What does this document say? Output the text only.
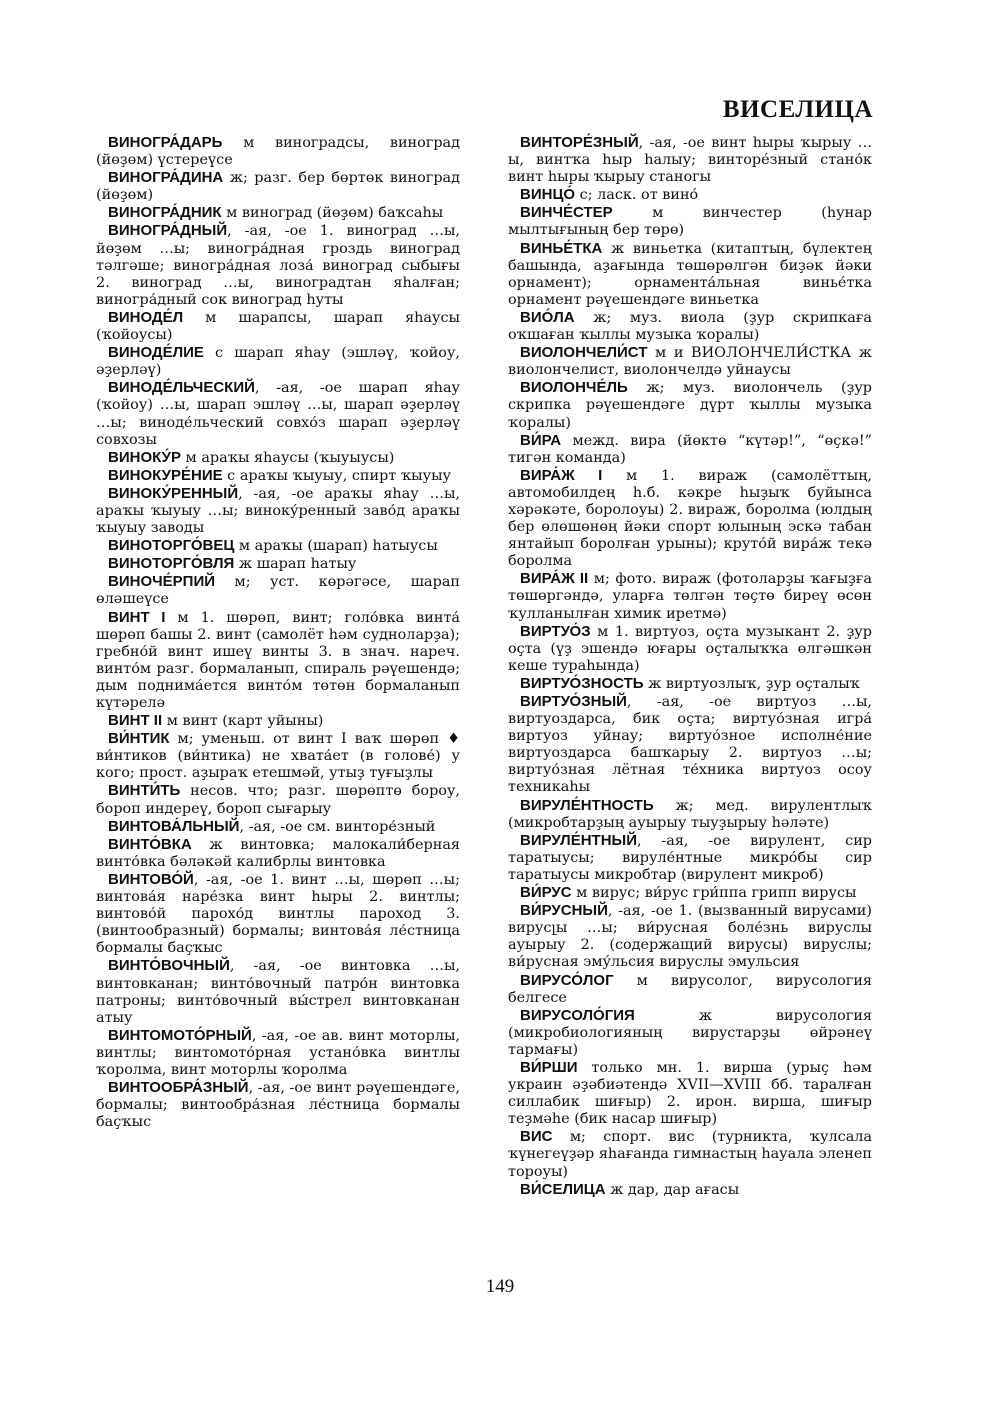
ВИСЕЛИЦА

ВИНОГРА́ДАРЬ м виноградсы, виноград (йөҙөм) үстереүсе

ВИНОГРА́ДИНА ж; разг. бер бөртөк виноград (йөҙөм)

ВИНОГРА́ДНИК м виноград (йөҙөм) баҡсаһы

ВИНОГРА́ДНЫЙ, -ая, -ое 1. виноград …ы, йөҙөм …ы; виногра́дная гроздь виноград тәлгәше; виногра́дная лоза́ виноград сыбығы 2. виноград …ы, виноградтан яһалған; виногра́дный сок виноград һуты

ВИНОДЕ́Л м шарапсы, шарап яһаусы (ҡойоусы)

ВИНОДЕ́ЛИЕ с шарап яһау (эшләү, ҡойоу, әҙерләү)

ВИНОДЕ́ЛЬЧЕСКИЙ, -ая, -ое шарап яһау (ҡойоу) …ы, шарап эшләү …ы, шарап әҙерләү …ы; виноде́льческий совхо́з шарап әҙерләү совхозы

ВИНОКУ́Р м араҡы яһаусы (ҡыуыусы)

ВИНОКУРЕ́НИЕ с араҡы ҡыуыу, спирт ҡыуыу

ВИНОКУ́РЕННЫЙ, -ая, -ое араҡы яһау …ы, араҡы ҡыуыу …ы; виноку́ренный заво́д араҡы ҡыуыу заводы

ВИНОТОРГО́ВЕЦ м араҡы (шарап) һатыусы

ВИНОТОРГО́ВЛЯ ж шарап һатыу

ВИНОЧЕ́РПИЙ м; уст. көрәгәсе, шарап өләшеүсе

ВИНТ I м 1. шөрөп, винт; голо́вка винта́ шөрөп башы 2. винт (самолёт һәм судноларҙа); гребно́й винт ишеү винты 3. в знач. нареч. винто́м разг. бормаланып, спираль рәүешендә; дым поднима́ется винто́м төтөн бормаланып күтәрелә

ВИНТ II м винт (карт уйыны)

ВИ́НТИК м; уменьш. от винт I ваҡ шөрөп ♦ ви́нтиков (ви́нтика) не хвата́ет (в голове́) у кого; прост. аҙыраҡ етешмәй, утыҙ туғыҙлы

ВИНТИ́ТЬ несов. что; разг. шөрөптө бороу, бороп индереү, бороп сығарыу

ВИНТОВА́ЛЬНЫЙ, -ая, -ое см. винторе́зный

ВИНТО́ВКА ж винтовка; малокали́берная винто́вка бәләкәй калибрлы винтовка

ВИНТОВО́Й, -ая, -ое 1. винт …ы, шөрөп …ы; винтова́я наре́зка винт һыры 2. винтлы; винтово́й парохо́д винтлы пароход 3. (винтообразный) бормалы; винтова́я ле́стница бормалы баҫҡыс

ВИНТО́ВОЧНЫЙ, -ая, -ое винтовка …ы, винтовканан; винто́вочный патро́н винтовка патроны; винто́вочный вы́стрел винтовканан атыу

ВИНТОМОТО́РНЫЙ, -ая, -ое ав. винт моторлы, винтлы; винтомото́рная устано́вка винтлы ҡоролма, винт моторлы ҡоролма

ВИНТООБРА́ЗНЫЙ, -ая, -ое винт рәүешендәге, бормалы; винтообра́зная ле́стница бормалы баҫҡыс

ВИНТОРЕ́ЗНЫЙ, -ая, -ое винт һыры ҡырыу …ы, винтҡа һыр һалыу; винторе́зный стано́к винт һыры ҡырыу станогы

ВИНЦО́ с; ласк. от вино́

ВИНЧЕ́СТЕР м винчестер (һунар мылтығының бер төрө)

ВИНЬЕ́ТКА ж виньетка (китаптың, бүлектең башында, аҙағында төшөрөлгән биҙәк йәки орнамент); орнамента́льная винье́тка орнамент рәүешендәге виньетка

ВИО́ЛА ж; муз. виола (ҙур скрипкаға оҡшаған ҡыллы музыка ҡоралы)

ВИОЛОНЧЕЛИ́СТ м и ВИОЛОНЧЕЛИ́СТКА ж виолончелист, виолончелдә уйнаусы

ВИОЛОНЧЕ́ЛЬ ж; муз. виолончель (ҙур скрипка рәүешендәге дүрт ҡыллы музыка ҡоралы)

ВИ́РА межд. вира (йөктө “күтәр!”, “өҫкә!” тигән команда)

ВИРА́Ж I м 1. вираж (самолёттың, автомобилдең һ.б. кәкре һыҙыҡ буйынса хәрәкәте, боролоуы) 2. вираж, боролма (юлдың бер өлөшөнөң йәки спорт юлының эскә табан янтайып боролған урыны); круто́й вира́ж текә боролма

ВИРА́Ж II м; фото. вираж (фотоларҙы ҡағыҙға төшөргәндә, уларға төлгән төҫтө биреү өсөн ҡулланылған химик иретмә)

ВИРТУО́З м 1. виртуоз, оҫта музыкант 2. ҙур оҫта (үҙ эшендә юғары оҫталыҡҡа өлгәшкән кеше тураһында)

ВИРТУО́ЗНОСТЬ ж виртуозлыҡ, ҙур оҫталыҡ

ВИРТУО́ЗНЫЙ, -ая, -ое виртуоз …ы, виртуоздарса, бик оҫта; виртуо́зная игра́ виртуоз уйнау; виртуо́зное исполне́ние виртуоздарса башҡарыу 2. виртуоз …ы; виртуо́зная лётная те́хника виртуоз осоу техникаһы

ВИРУЛЕ́НТНОСТЬ ж; мед. вирулентлыҡ (микробтарҙың ауырыу тыуҙырыу һәләте)

ВИРУЛЕ́НТНЫЙ, -ая, -ое вирулент, сир таратыусы; вируле́нтные микро́бы сир таратыусы микробтар (вирулент микроб)

ВИ́РУС м вирус; ви́рус гри́ппа грипп вирусы

ВИ́РУСНЫЙ, -ая, -ое 1. (вызванный вирусами) вирусլы …ы; ви́русная боле́знь вируслы ауырыу 2. (содержащий вирусы) вируслы; ви́русная эму́льсия вируслы эмульсия

ВИРУСО́ЛОГ м вирусолог, вирусология белгесе

ВИРУСОЛО́ГИЯ ж вирусология (микробиологияның вирустарҙы өйрәнеү тармағы)

ВИ́РШИ только мн. 1. вирша (урыҫ һәм украин әҙәбиәтендә XVII—XVIII бб. таралған силлабик шиғыр) 2. ирон. вирша, шиғыр теҙмәһе (бик насар шиғыр)

ВИС м; спорт. вис (турникта, ҡулсала ҡүнегеүҙәр яһағанда гимнастың һауала эленеп тороуы)

ВИ́СЕЛИЦА ж дар, дар ағасы

149
